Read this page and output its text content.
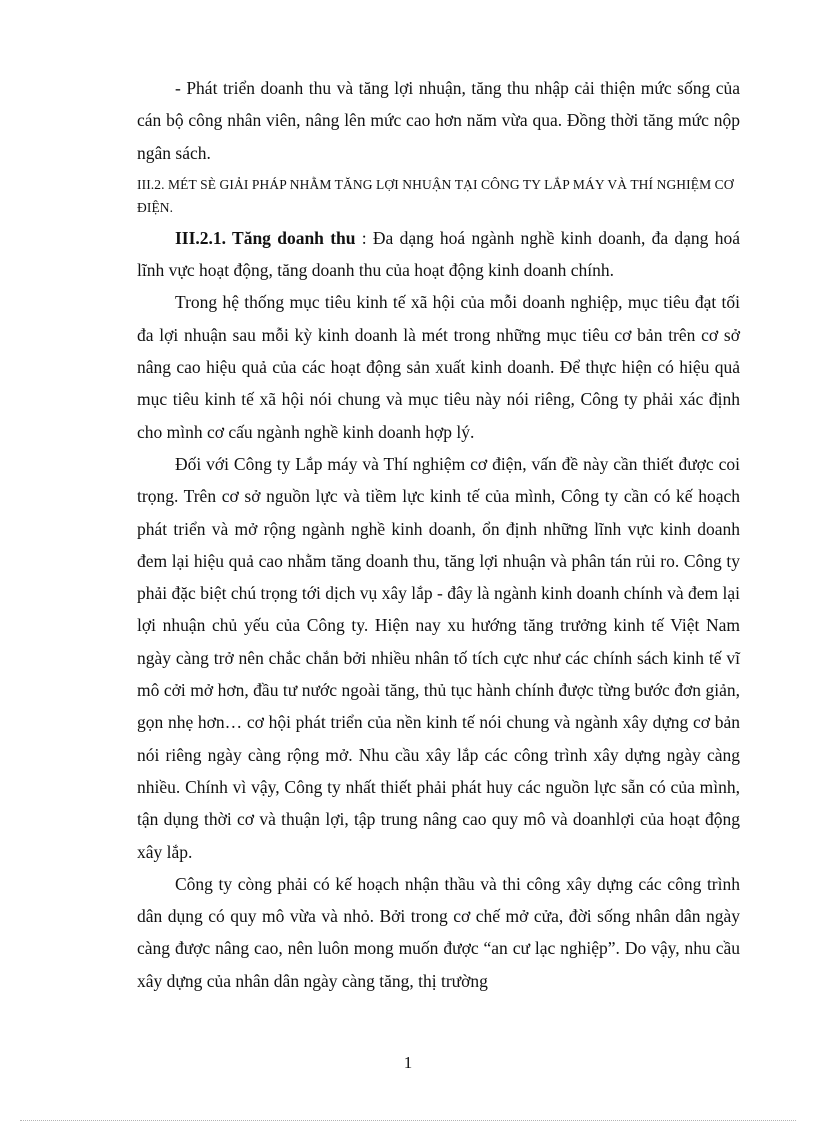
- Phát triển doanh thu và tăng lợi nhuận, tăng thu nhập cải thiện mức sống của cán bộ công nhân viên, nâng lên mức cao hơn năm vừa qua. Đồng thời tăng mức nộp ngân sách.

III.2. MÉT SÈ GIẢI PHÁP NHẰM TĂNG LỢI NHUẬN TẠI CÔNG TY LẮP MÁY VÀ THÍ NGHIỆM CƠ ĐIỆN.

III.2.1. Tăng doanh thu : Đa dạng hoá ngành nghề kinh doanh, đa dạng hoá lĩnh vực hoạt động, tăng doanh thu của hoạt động kinh doanh chính.

Trong hệ thống mục tiêu kinh tế xã hội của mỗi doanh nghiệp, mục tiêu đạt tối đa lợi nhuận sau mỗi kỳ kinh doanh là mét trong những mục tiêu cơ bản trên cơ sở nâng cao hiệu quả của các hoạt động sản xuất kinh doanh. Để thực hiện có hiệu quả mục tiêu kinh tế xã hội nói chung và mục tiêu này nói riêng, Công ty phải xác định cho mình cơ cấu ngành nghề kinh doanh hợp lý.

Đối với Công ty Lắp máy và Thí nghiệm cơ điện, vấn đề này cần thiết được coi trọng. Trên cơ sở nguồn lực và tiềm lực kinh tế của mình, Công ty cần có kế hoạch phát triển và mở rộng ngành nghề kinh doanh, ổn định những lĩnh vực kinh doanh đem lại hiệu quả cao nhằm tăng doanh thu, tăng lợi nhuận và phân tán rủi ro. Công ty phải đặc biệt chú trọng tới dịch vụ xây lắp - đây là ngành kinh doanh chính và đem lại lợi nhuận chủ yếu của Công ty. Hiện nay xu hướng tăng trưởng kinh tế Việt Nam ngày càng trở nên chắc chắn bởi nhiều nhân tố tích cực như các chính sách kinh tế vĩ mô cởi mở hơn, đầu tư nước ngoài tăng, thủ tục hành chính được từng bước đơn giản, gọn nhẹ hơn… cơ hội phát triển của nền kinh tế nói chung và ngành xây dựng cơ bản nói riêng ngày càng rộng mở. Nhu cầu xây lắp các công trình xây dựng ngày càng nhiều. Chính vì vậy, Công ty nhất thiết phải phát huy các nguồn lực sẵn có của mình, tận dụng thời cơ và thuận lợi, tập trung nâng cao quy mô và doanhlợi của hoạt động xây lắp.

Công ty còng phải có kế hoạch nhận thầu và thi công xây dựng các công trình dân dụng có quy mô vừa và nhỏ. Bởi trong cơ chế mở cửa, đời sống nhân dân ngày càng được nâng cao, nên luôn mong muốn được “an cư lạc nghiệp”. Do vậy, nhu cầu xây dựng của nhân dân ngày càng tăng, thị trường

1
